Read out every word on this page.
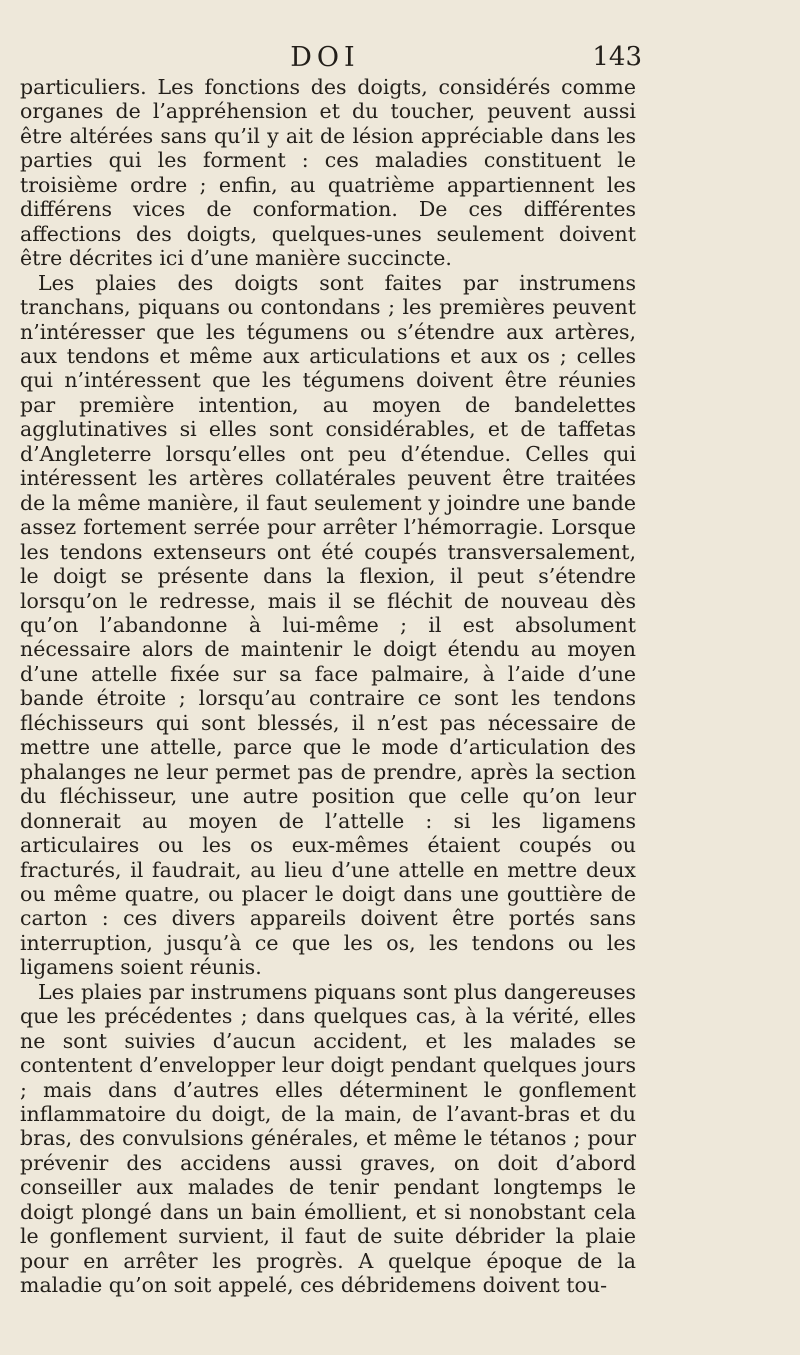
DOI	143

particuliers. Les fonctions des doigts, considérés comme organes de l’appréhension et du toucher, peuvent aussi être altérées sans qu’il y ait de lésion appréciable dans les parties qui les forment : ces maladies constituent le troisième ordre ; enfin, au quatrième appartiennent les différens vices de conformation. De ces différentes affections des doigts, quelques-unes seulement doivent être décrites ici d’une manière succincte.

Les plaies des doigts sont faites par instrumens tranchans, piquans ou contondans ; les premières peuvent n’intéresser que les tégumens ou s’étendre aux artères, aux tendons et même aux articulations et aux os ; celles qui n’intéressent que les tégumens doivent être réunies par première intention, au moyen de bandelettes agglutinatives si elles sont considérables, et de taffetas d’Angleterre lorsqu’elles ont peu d’étendue. Celles qui intéressent les artères collatérales peuvent être traitées de la même manière, il faut seulement y joindre une bande assez fortement serrée pour arrêter l’hémorragie. Lorsque les tendons extenseurs ont été coupés transversalement, le doigt se présente dans la flexion, il peut s’étendre lorsqu’on le redresse, mais il se fléchit de nouveau dès qu’on l’abandonne à lui-même ; il est absolument nécessaire alors de maintenir le doigt étendu au moyen d’une attelle fixée sur sa face palmaire, à l’aide d’une bande étroite ; lorsqu’au contraire ce sont les tendons fléchisseurs qui sont blessés, il n’est pas nécessaire de mettre une attelle, parce que le mode d’articulation des phalanges ne leur permet pas de prendre, après la section du fléchisseur, une autre position que celle qu’on leur donnerait au moyen de l’attelle : si les ligamens articulaires ou les os eux-mêmes étaient coupés ou fracturés, il faudrait, au lieu d’une attelle en mettre deux ou même quatre, ou placer le doigt dans une gouttière de carton : ces divers appareils doivent être portés sans interruption, jusqu’à ce que les os, les tendons ou les ligamens soient réunis.

Les plaies par instrumens piquans sont plus dangereuses que les précédentes ; dans quelques cas, à la vérité, elles ne sont suivies d’aucun accident, et les malades se contentent d’envelopper leur doigt pendant quelques jours ; mais dans d’autres elles déterminent le gonflement inflammatoire du doigt, de la main, de l’avant-bras et du bras, des convulsions générales, et même le tétanos ; pour prévenir des accidens aussi graves, on doit d’abord conseiller aux malades de tenir pendant longtemps le doigt plongé dans un bain émollient, et si nonobstant cela le gonflement survient, il faut de suite débrider la plaie pour en arrêter les progrès. A quelque époque de la maladie qu’on soit appelé, ces débridemens doivent tou-
